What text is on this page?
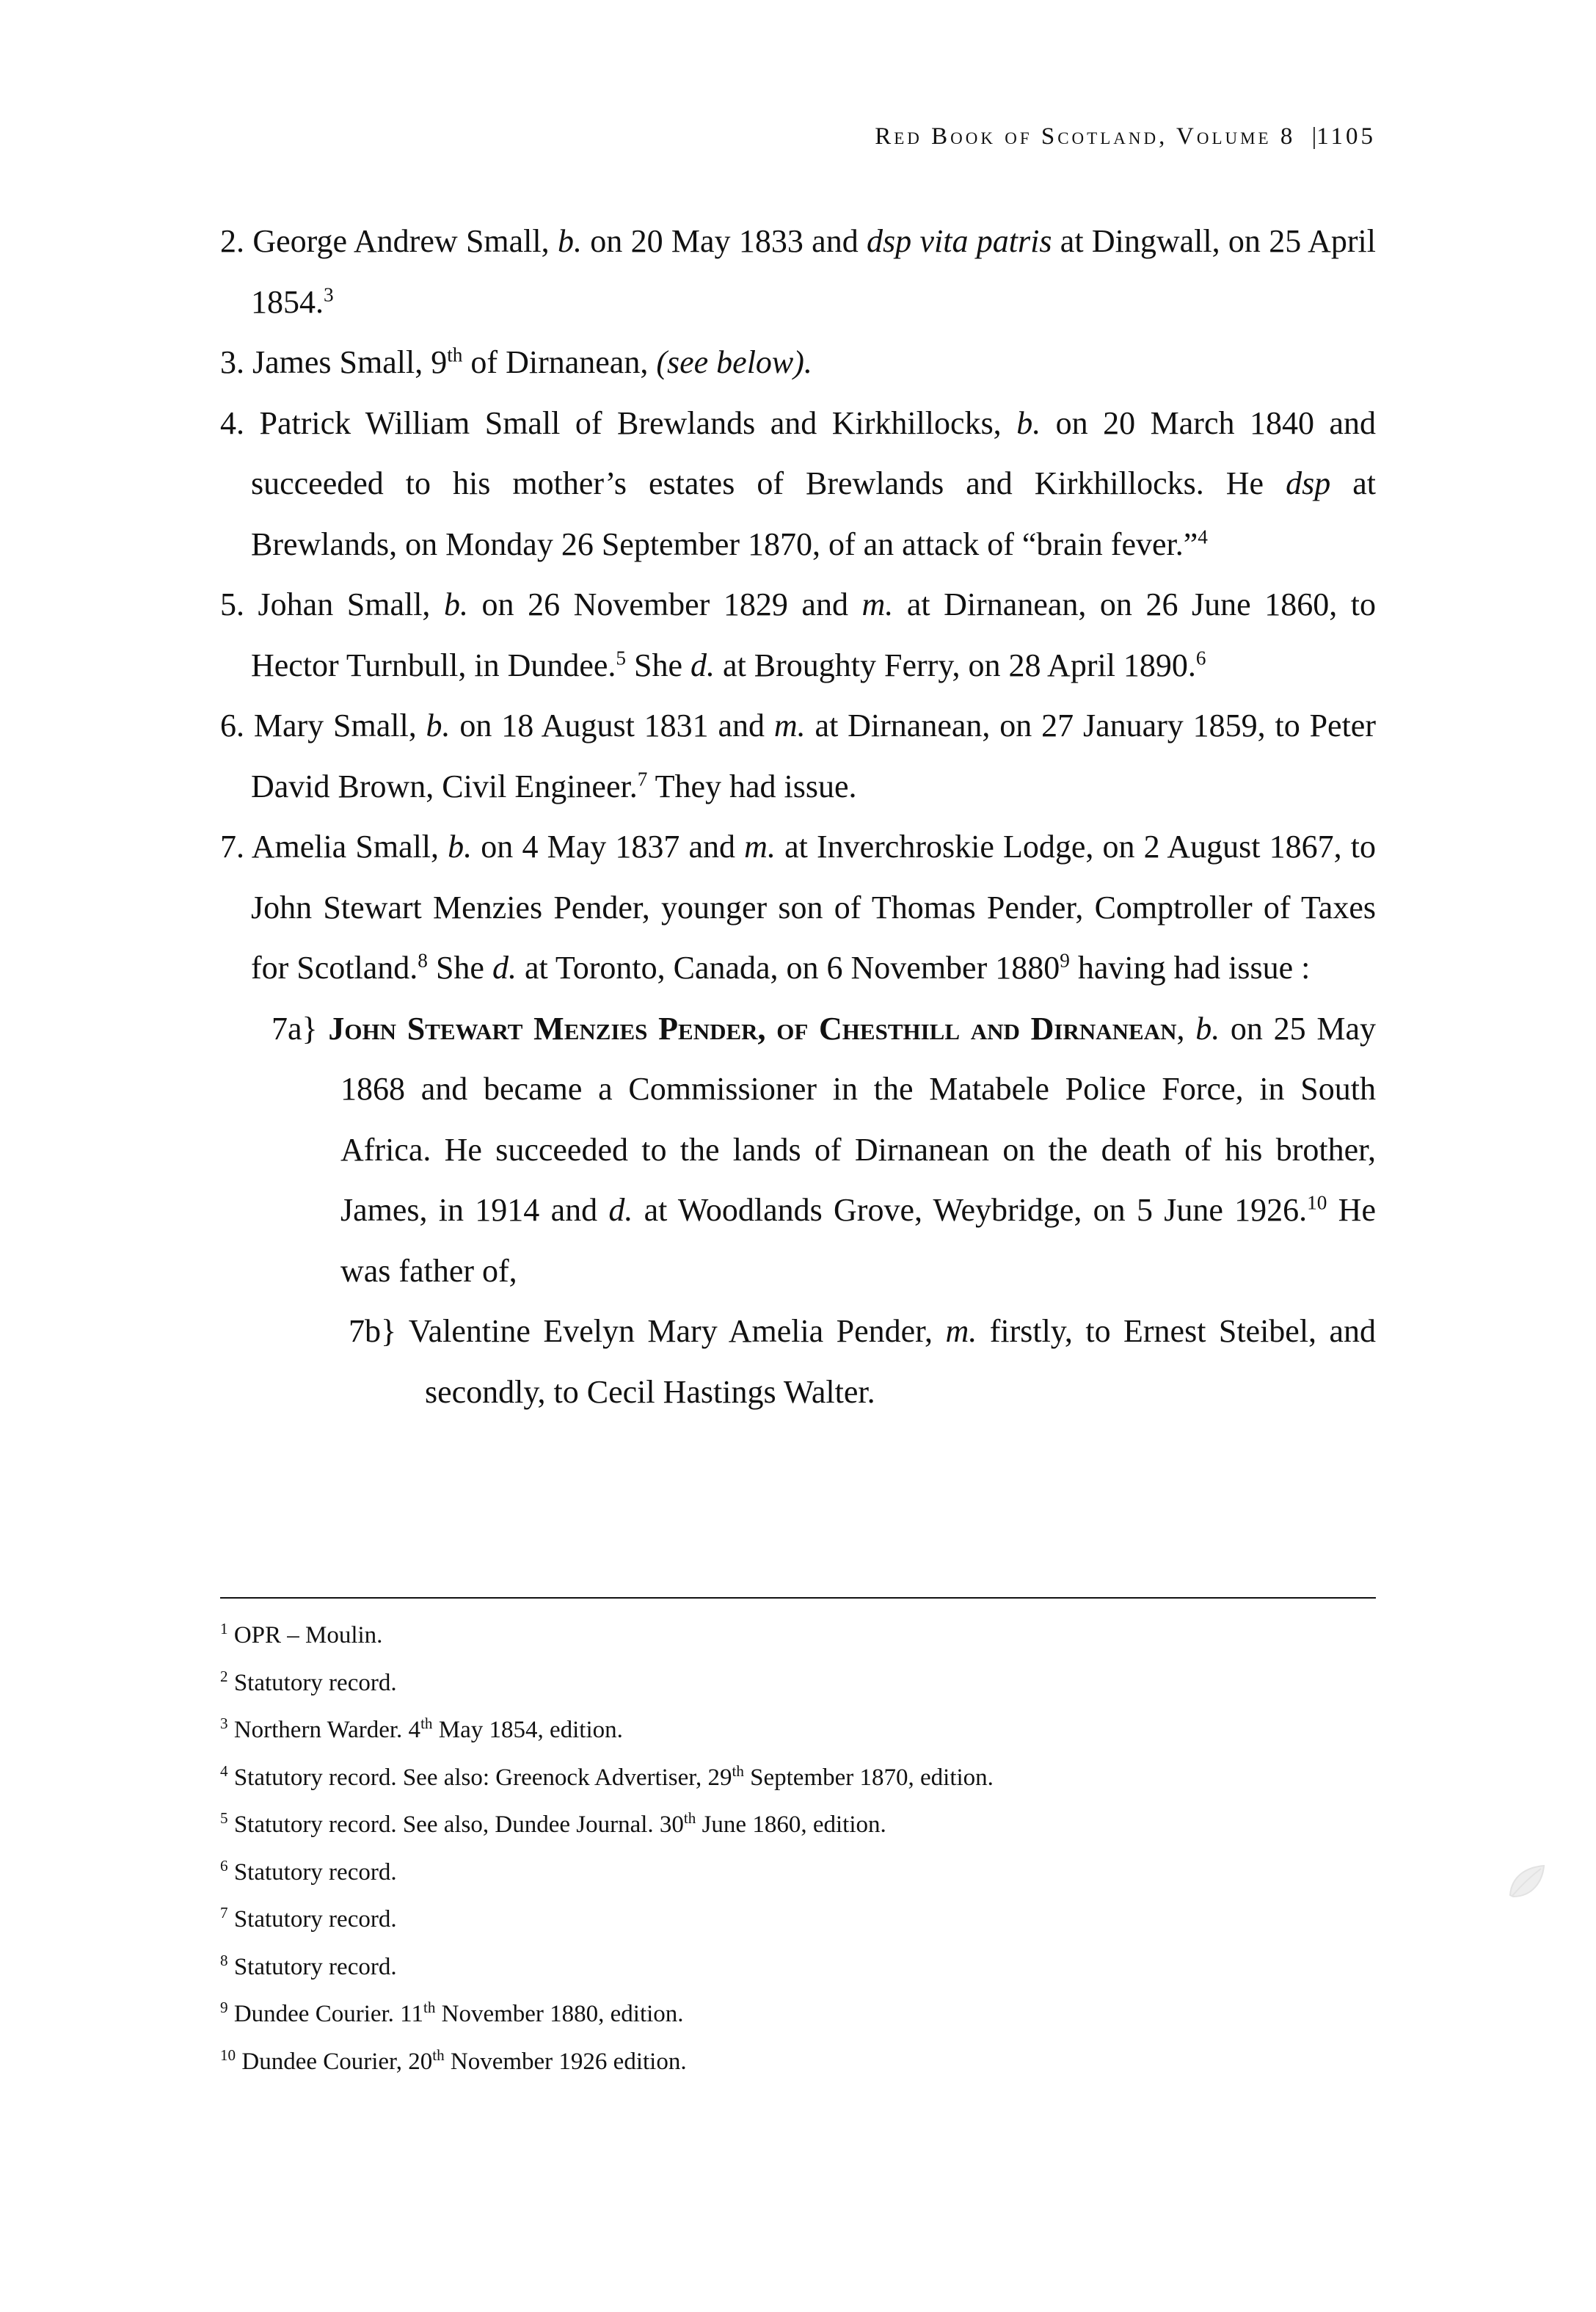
Red Book of Scotland, Volume 8 |1105

2. George Andrew Small, b. on 20 May 1833 and dsp vita patris at Dingwall, on 25 April 1854.$^3$

3. James Small, 9th of Dirnanean, (see below).

4. Patrick William Small of Brewlands and Kirkhillocks, b. on 20 March 1840 and succeeded to his mother’s estates of Brewlands and Kirkhillocks. He dsp at Brewlands, on Monday 26 September 1870, of an attack of “brain fever.”$^4$

5. Johan Small, b. on 26 November 1829 and m. at Dirnanean, on 26 June 1860, to Hector Turnbull, in Dundee.$^5$ She d. at Broughty Ferry, on 28 April 1890.$^6$

6. Mary Small, b. on 18 August 1831 and m. at Dirnanean, on 27 January 1859, to Peter David Brown, Civil Engineer.$^7$ They had issue.

7. Amelia Small, b. on 4 May 1837 and m. at Inverchroskie Lodge, on 2 August 1867, to John Stewart Menzies Pender, younger son of Thomas Pender, Comptroller of Taxes for Scotland.$^8$ She d. at Toronto, Canada, on 6 November 1880$^9$ having had issue :

7a} John Stewart Menzies Pender, of Chesthill and Dirnanean, b. on 25 May 1868 and became a Commissioner in the Matabele Police Force, in South Africa. He succeeded to the lands of Dirnanean on the death of his brother, James, in 1914 and d. at Woodlands Grove, Weybridge, on 5 June 1926.10 He was father of,

7b} Valentine Evelyn Mary Amelia Pender, m. firstly, to Ernest Steibel, and secondly, to Cecil Hastings Walter.

$^1$ OPR – Moulin.

$^2$ Statutory record.

$^3$ Northern Warder. 4th May 1854, edition.

$^4$ Statutory record. See also: Greenock Advertiser, 29th September 1870, edition.

$^5$ Statutory record. See also, Dundee Journal. 30th June 1860, edition.

$^6$ Statutory record.

$^7$ Statutory record.

$^8$ Statutory record.

$^9$ Dundee Courier. 11th November 1880, edition.

$^{10}$ Dundee Courier, 20th November 1926 edition.
